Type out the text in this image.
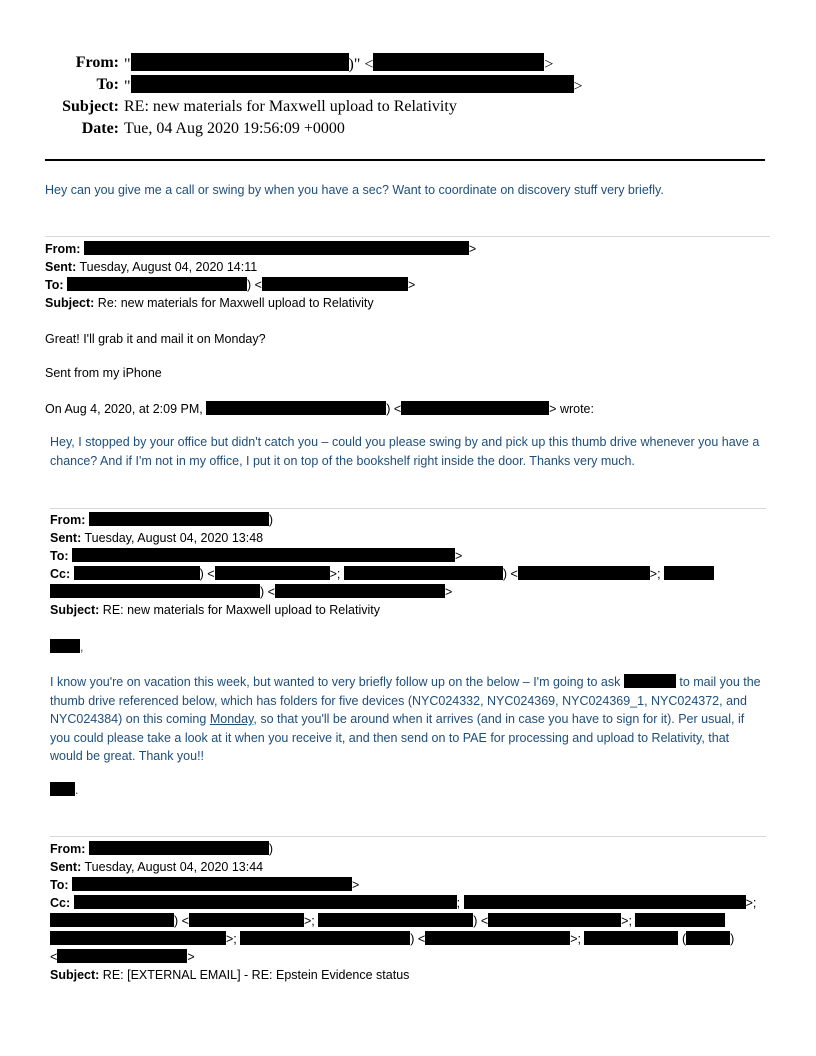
From: "	)" <	>
To: "	>
Subject: RE: new materials for Maxwell upload to Relativity
Date: Tue, 04 Aug 2020 19:56:09 +0000
Hey can you give me a call or swing by when you have a sec? Want to coordinate on discovery stuff very briefly.
From:	>
Sent: Tuesday, August 04, 2020 14:11
To:	) <	>
Subject: Re: new materials for Maxwell upload to Relativity
Great! I'll grab it and mail it on Monday?
Sent from my iPhone
On Aug 4, 2020, at 2:09 PM,	) <	> wrote:
Hey, I stopped by your office but didn't catch you – could you please swing by and pick up this thumb drive whenever you have a chance? And if I'm not in my office, I put it on top of the bookshelf right inside the door. Thanks very much.
From:	)
Sent: Tuesday, August 04, 2020 13:48
To:	>
Cc:	) <	>;	) <	>;
) <	>
Subject: RE: new materials for Maxwell upload to Relativity
,
I know you're on vacation this week, but wanted to very briefly follow up on the below – I'm going to ask	to mail you the thumb drive referenced below, which has folders for five devices (NYC024332, NYC024369, NYC024369_1, NYC024372, and NYC024384) on this coming Monday, so that you'll be around when it arrives (and in case you have to sign for it). Per usual, if you could please take a look at it when you receive it, and then send on to PAE for processing and upload to Relativity, that would be great. Thank you!!
.
From:	)
Sent: Tuesday, August 04, 2020 13:44
To:	>
Cc:	;	>;
) <	>;	) <	>;
>;	) <	>;	(	)
<	>
Subject: RE: [EXTERNAL EMAIL] - RE: Epstein Evidence status
